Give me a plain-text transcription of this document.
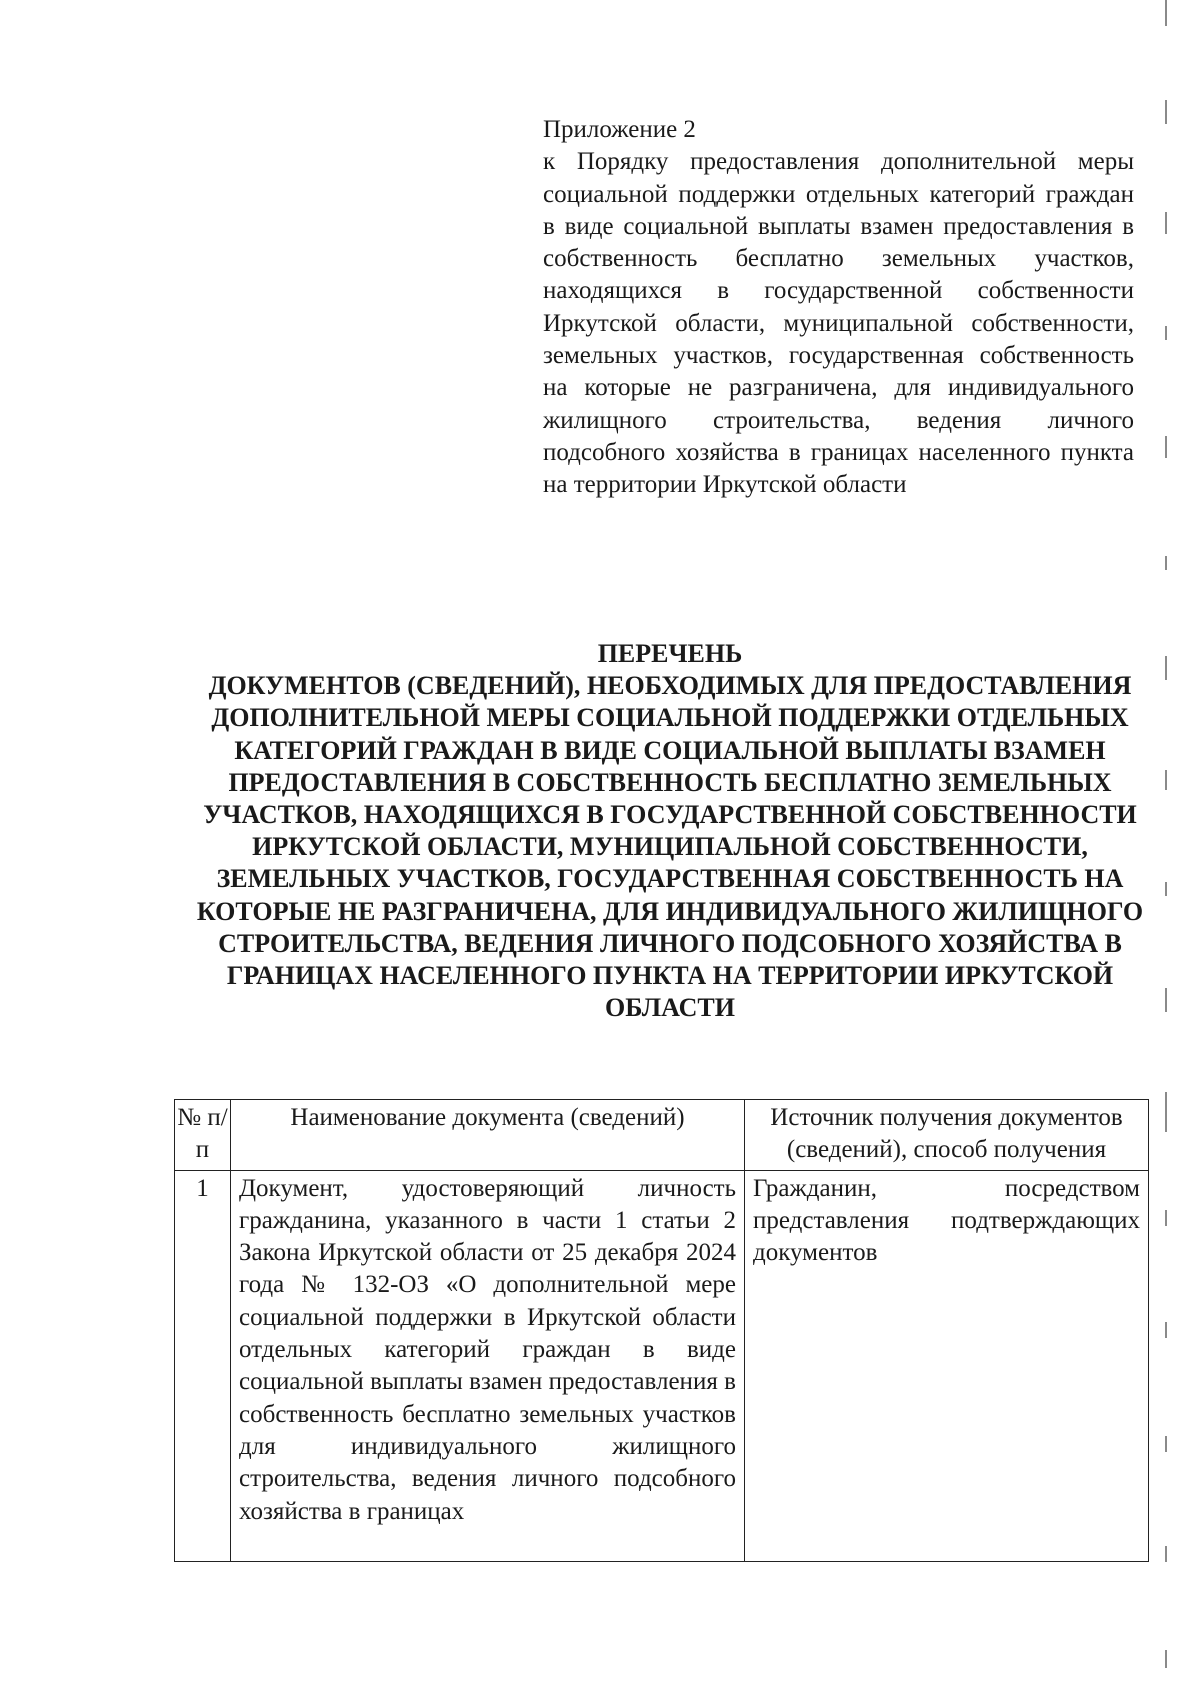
Приложение 2
к Порядку предоставления дополнительной меры социальной поддержки отдельных категорий граждан в виде социальной выплаты взамен предоставления в собственность бесплатно земельных участков, находящихся в государственной собственности Иркутской области, муниципальной собственности, земельных участков, государственная собственность на которые не разграничена, для индивидуального жилищного строительства, ведения личного подсобного хозяйства в границах населенного пункта на территории Иркутской области
ПЕРЕЧЕНЬ
ДОКУМЕНТОВ (СВЕДЕНИЙ), НЕОБХОДИМЫХ ДЛЯ ПРЕДОСТАВЛЕНИЯ ДОПОЛНИТЕЛЬНОЙ МЕРЫ СОЦИАЛЬНОЙ ПОДДЕРЖКИ ОТДЕЛЬНЫХ КАТЕГОРИЙ ГРАЖДАН В ВИДЕ СОЦИАЛЬНОЙ ВЫПЛАТЫ ВЗАМЕН ПРЕДОСТАВЛЕНИЯ В СОБСТВЕННОСТЬ БЕСПЛАТНО ЗЕМЕЛЬНЫХ УЧАСТКОВ, НАХОДЯЩИХСЯ В ГОСУДАРСТВЕННОЙ СОБСТВЕННОСТИ ИРКУТСКОЙ ОБЛАСТИ, МУНИЦИПАЛЬНОЙ СОБСТВЕННОСТИ, ЗЕМЕЛЬНЫХ УЧАСТКОВ, ГОСУДАРСТВЕННАЯ СОБСТВЕННОСТЬ НА КОТОРЫЕ НЕ РАЗГРАНИЧЕНА, ДЛЯ ИНДИВИДУАЛЬНОГО ЖИЛИЩНОГО СТРОИТЕЛЬСТВА, ВЕДЕНИЯ ЛИЧНОГО ПОДСОБНОГО ХОЗЯЙСТВА В ГРАНИЦАХ НАСЕЛЕННОГО ПУНКТА НА ТЕРРИТОРИИ ИРКУТСКОЙ ОБЛАСТИ
№ п/п	Наименование документа (сведений)	Источник получения документов (сведений), способ получения
1	Документ, удостоверяющий личность гражданина, указанного в части 1 статьи 2 Закона Иркутской области от 25 декабря 2024 года № 132-ОЗ «О дополнительной мере социальной поддержки в Иркутской области отдельных категорий граждан в виде социальной выплаты взамен предоставления в собственность бесплатно земельных участков для индивидуального жилищного строительства, ведения личного подсобного хозяйства в границах	Гражданин, посредством представления подтверждающих документов
